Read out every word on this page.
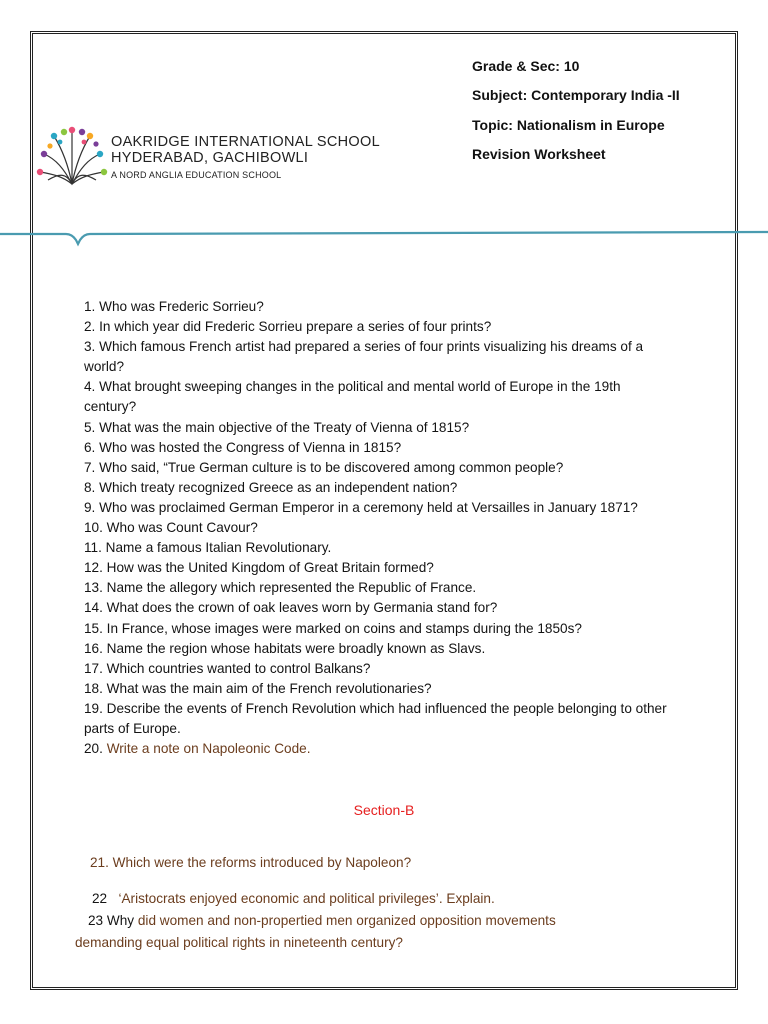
OAKRIDGE INTERNATIONAL SCHOOL
HYDERABAD, GACHIBOWLI
A NORD ANGLIA EDUCATION SCHOOL
Grade & Sec: 10
Subject: Contemporary India -II
Topic: Nationalism in Europe
Revision Worksheet
1. Who was Frederic Sorrieu?
2. In which year did Frederic Sorrieu prepare a series of four prints?
3. Which famous French artist had prepared a series of four prints visualizing his dreams of a world?
4. What brought sweeping changes in the political and mental world of Europe in the 19th century?
5. What was the main objective of the Treaty of Vienna of 1815?
6. Who was hosted the Congress of Vienna in 1815?
7. Who said, “True German culture is to be discovered among common people?
8. Which treaty recognized Greece as an independent nation?
9. Who was proclaimed German Emperor in a ceremony held at Versailles in January 1871?
10. Who was Count Cavour?
11. Name a famous Italian Revolutionary.
12. How was the United Kingdom of Great Britain formed?
13. Name the allegory which represented the Republic of France.
14. What does the crown of oak leaves worn by Germania stand for?
15. In France, whose images were marked on coins and stamps during the 1850s?
16. Name the region whose habitats were broadly known as Slavs.
17. Which countries wanted to control Balkans?
18. What was the main aim of the French revolutionaries?
19. Describe the events of French Revolution which had influenced the people belonging to other parts of Europe.
20. Write a note on Napoleonic Code.
Section-B
21. Which were the reforms introduced by Napoleon?
22 ‘Aristocrats enjoyed economic and political privileges’. Explain.
23 Why did women and non-propertied men organized opposition movements
demanding equal political rights in nineteenth century?
